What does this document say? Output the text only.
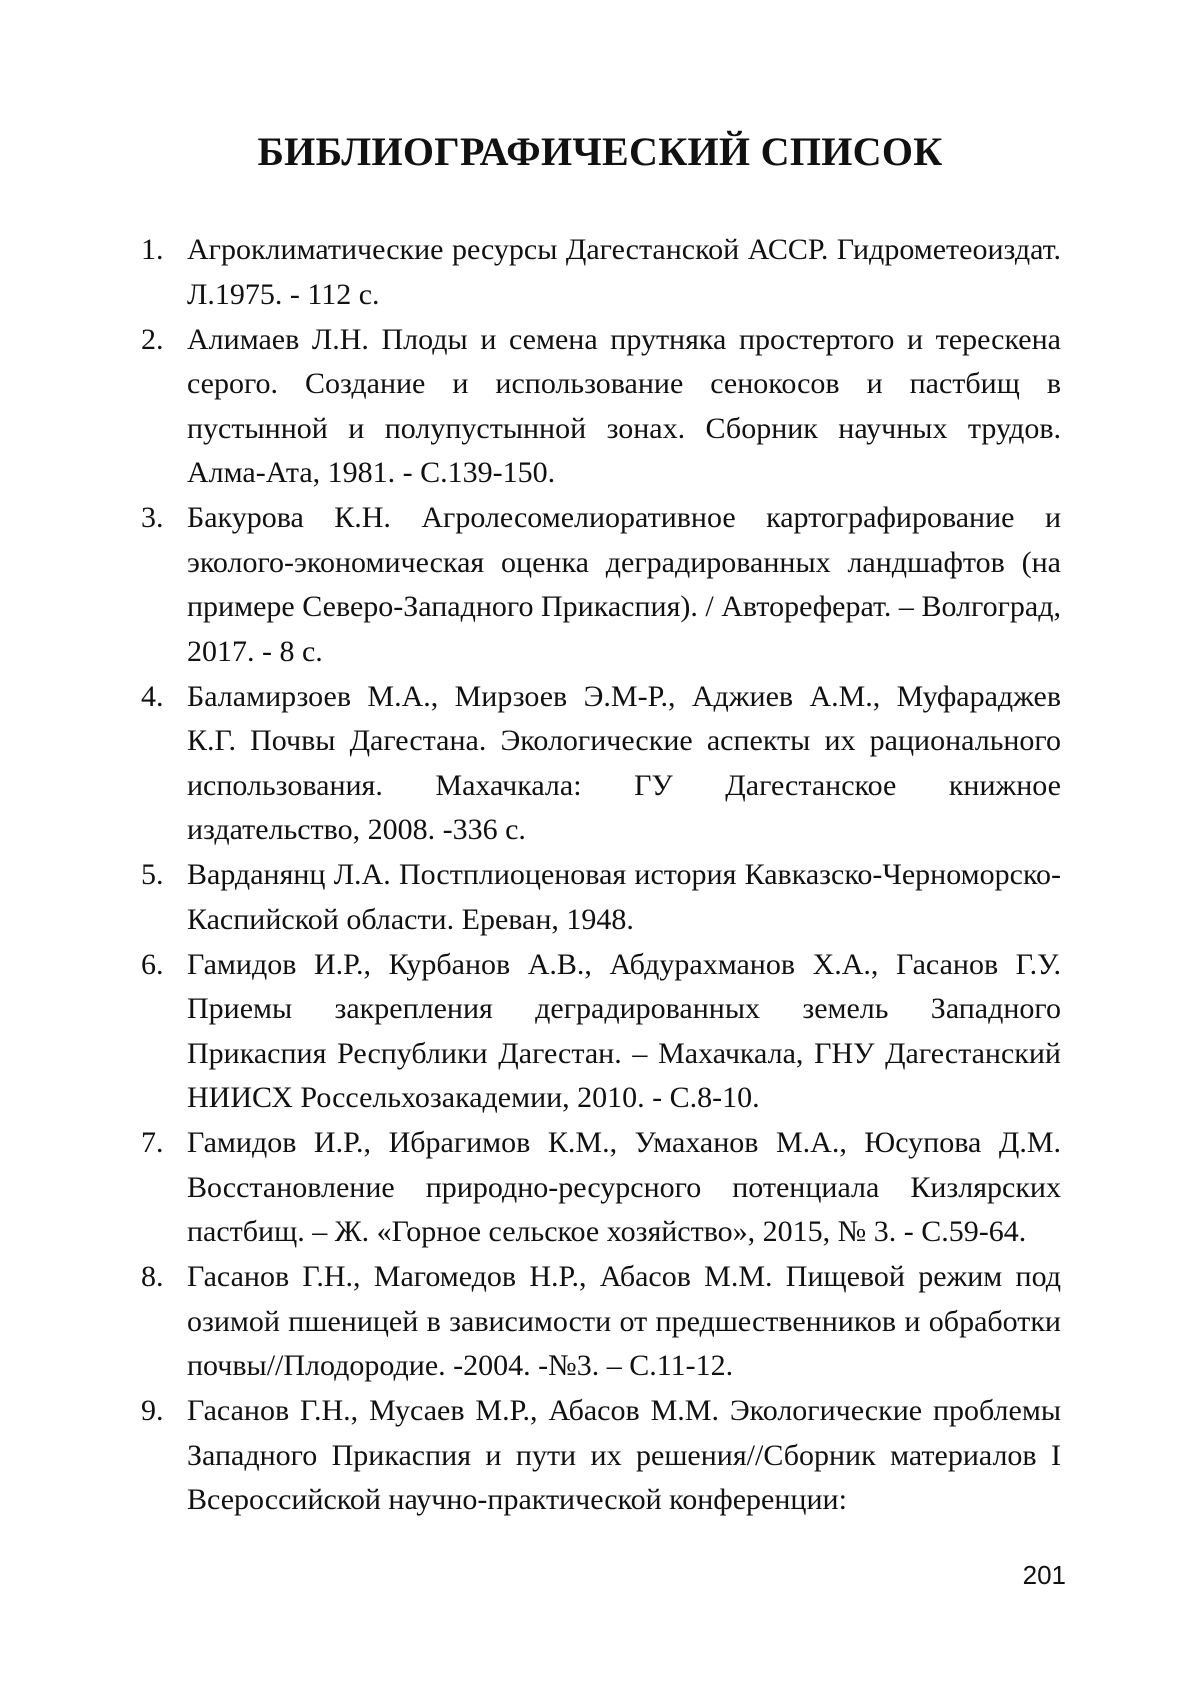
БИБЛИОГРАФИЧЕСКИЙ СПИСОК
1. Агроклиматические ресурсы Дагестанской АССР. Гидрометеоиздат. Л.1975. - 112 с.
2. Алимаев Л.Н. Плоды и семена прутняка простертого и терескена серого. Создание и использование сенокосов и пастбищ в пустынной и полупустынной зонах. Сборник научных трудов. Алма-Ата, 1981. - С.139-150.
3. Бакурова К.Н. Агролесомелиоративное картографирование и эколого-экономическая оценка деградированных ландшафтов (на примере Северо-Западного Прикаспия). / Автореферат. – Волгоград, 2017. - 8 с.
4. Баламирзоев М.А., Мирзоев Э.М-Р., Аджиев А.М., Муфараджев К.Г. Почвы Дагестана. Экологические аспекты их рационального использования. Махачкала: ГУ Дагестанское книжное издательство, 2008. -336 с.
5. Варданянц Л.А. Постплиоценовая история Кавказско-Черноморско-Каспийской области. Ереван, 1948.
6. Гамидов И.Р., Курбанов А.В., Абдурахманов Х.А., Гасанов Г.У. Приемы закрепления деградированных земель Западного Прикаспия Республики Дагестан. – Махачкала, ГНУ Дагестанский НИИСХ Россельхозакадемии, 2010. - С.8-10.
7. Гамидов И.Р., Ибрагимов К.М., Умаханов М.А., Юсупова Д.М. Восстановление природно-ресурсного потенциала Кизлярских пастбищ. – Ж. «Горное сельское хозяйство», 2015, № 3. - С.59-64.
8. Гасанов Г.Н., Магомедов Н.Р., Абасов М.М. Пищевой режим под озимой пшеницей в зависимости от предшественников и обработки почвы//Плодородие. -2004. -№3. – С.11-12.
9. Гасанов Г.Н., Мусаев М.Р., Абасов М.М. Экологические проблемы Западного Прикаспия и пути их решения//Сборник материалов I Всероссийской научно-практической конференции:
201
